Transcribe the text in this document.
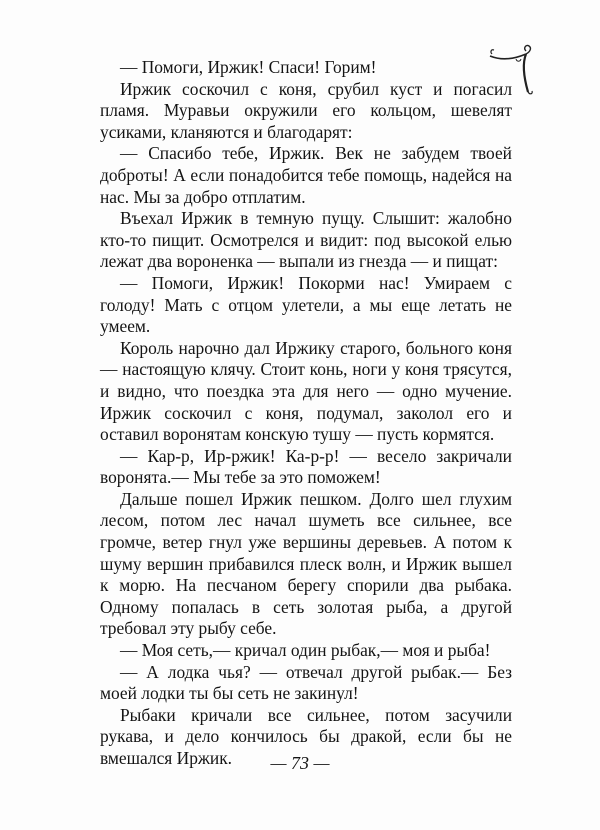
— Помоги, Иржик! Спаси! Горим!

Иржик соскочил с коня, срубил куст и погасил пламя. Муравьи окружили его кольцом, шевелят усиками, кланяются и благодарят:

— Спасибо тебе, Иржик. Век не забудем твоей доброты! А если понадобится тебе помощь, надейся на нас. Мы за добро отплатим.

Въехал Иржик в темную пущу. Слышит: жалобно кто-то пищит. Осмотрелся и видит: под высокой елью лежат два вороненка — выпали из гнезда — и пищат:

— Помоги, Иржик! Покорми нас! Умираем с голоду! Мать с отцом улетели, а мы еще летать не умеем.

Король нарочно дал Иржику старого, больного коня — настоящую клячу. Стоит конь, ноги у коня трясутся, и видно, что поездка эта для него — одно мучение. Иржик соскочил с коня, подумал, заколол его и оставил воронятам конскую тушу — пусть кормятся.

— Кар-р, Ир-ржик! Ка-р-р! — весело закричали воронята.— Мы тебе за это поможем!

Дальше пошел Иржик пешком. Долго шел глухим лесом, потом лес начал шуметь все сильнее, все громче, ветер гнул уже вершины деревьев. А потом к шуму вершин прибавился плеск волн, и Иржик вышел к морю. На песчаном берегу спорили два рыбака. Одному попалась в сеть золотая рыба, а другой требовал эту рыбу себе.

— Моя сеть,— кричал один рыбак,— моя и рыба!

— А лодка чья? — отвечал другой рыбак.— Без моей лодки ты бы сеть не закинул!

Рыбаки кричали все сильнее, потом засучили рукава, и дело кончилось бы дракой, если бы не вмешался Иржик.	— 73 —
